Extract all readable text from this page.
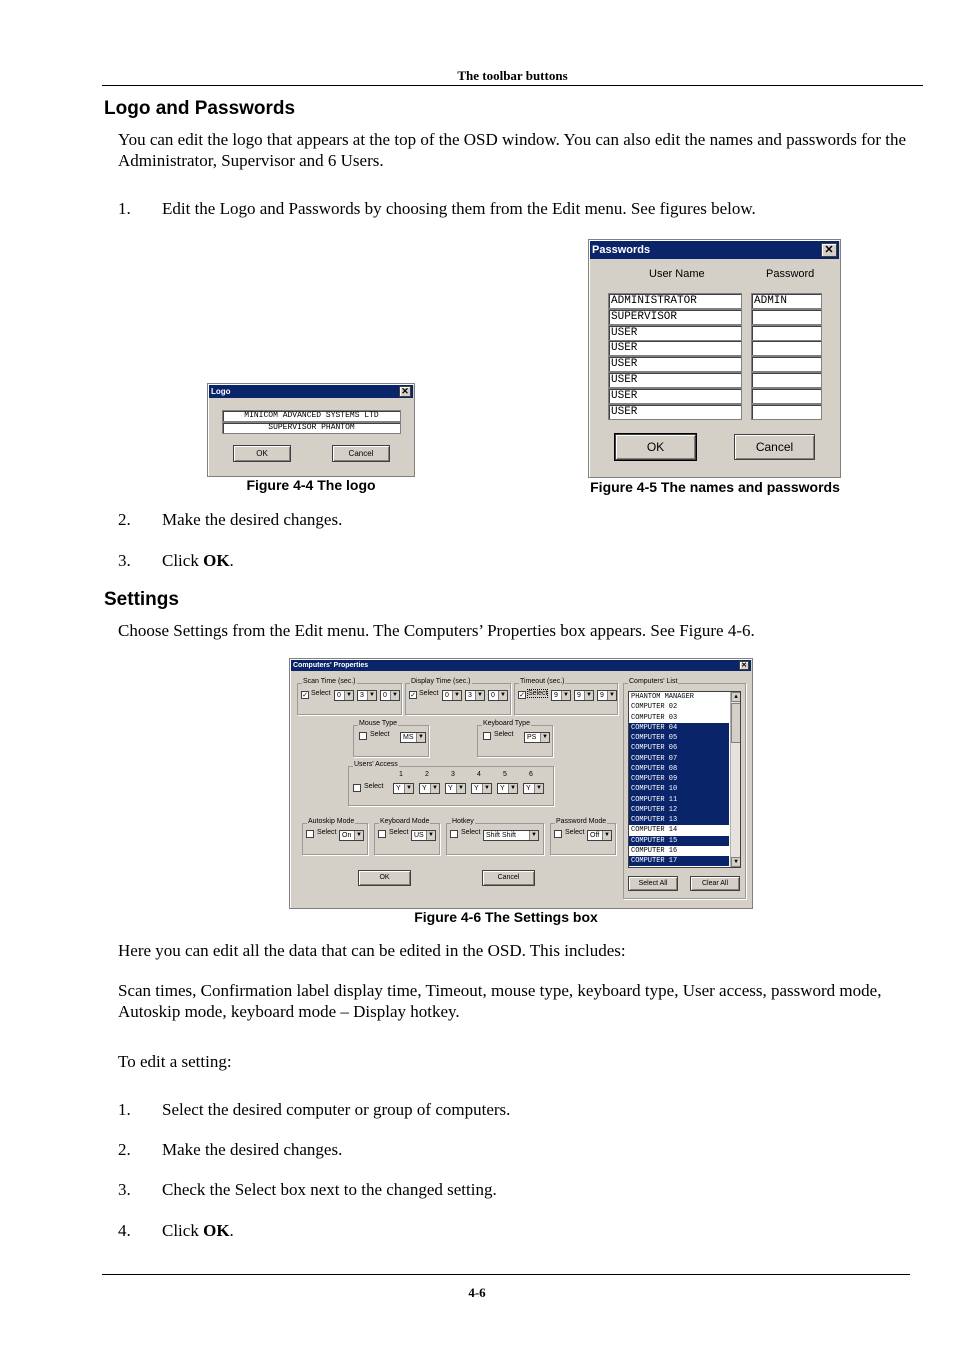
The toolbar buttons
Logo and Passwords
You can edit the logo that appears at the top of the OSD window. You can also edit the names and passwords for the Administrator, Supervisor and 6 Users.
1. Edit the Logo and Passwords by choosing them from the Edit menu. See figures below.
Logo	✕
MINICOM ADVANCED SYSTEMS LTD
SUPERVISOR PHANTOM
OK	Cancel
Figure 4-4 The logo
Passwords	✕
User Name	Password
ADMINISTRATOR	ADMIN
SUPERVISOR
USER
USER
USER
USER
USER
USER
OK	Cancel
Figure 4-5 The names and passwords
2. Make the desired changes.
3. Click OK.
Settings
Choose Settings from the Edit menu. The Computers’ Properties box appears. See Figure 4-6.
Computers' Properties	✕
Scan Time (sec.)
✓ Select 0 ▼	3 ▼	0 ▼
Display Time (sec.)
✓ Select 0 ▼	3 ▼	0 ▼
Timeout (sec.)
✓ Select 9 ▼	9 ▼	9 ▼
Mouse Type
Select	MS ▼
Keyboard Type
Select	PS ▼
Users' Access
Select
1
Y ▼
2
Y ▼
3
Y ▼
4
Y ▼
5
Y ▼
6
Y ▼
Autoskip Mode
Select On ▼
Keyboard Mode
Select US ▼
Hotkey
Select Shift Shift	▼
Password Mode
Select Off ▼
Computers' List
PHANTOM MANAGER
COMPUTER 02
COMPUTER 03
COMPUTER 04
COMPUTER 05
COMPUTER 06
COMPUTER 07
COMPUTER 08
COMPUTER 09
COMPUTER 10
COMPUTER 11
COMPUTER 12
COMPUTER 13
COMPUTER 14
COMPUTER 15
COMPUTER 16
COMPUTER 17
▲
▼
Select All	Clear All
OK	Cancel
Figure 4-6 The Settings box
Here you can edit all the data that can be edited in the OSD. This includes:
Scan times, Confirmation label display time, Timeout, mouse type, keyboard type, User access, password mode, Autoskip mode, keyboard mode – Display hotkey.
To edit a setting:
1. Select the desired computer or group of computers.
2. Make the desired changes.
3. Check the Select box next to the changed setting.
4. Click OK.
4-6
